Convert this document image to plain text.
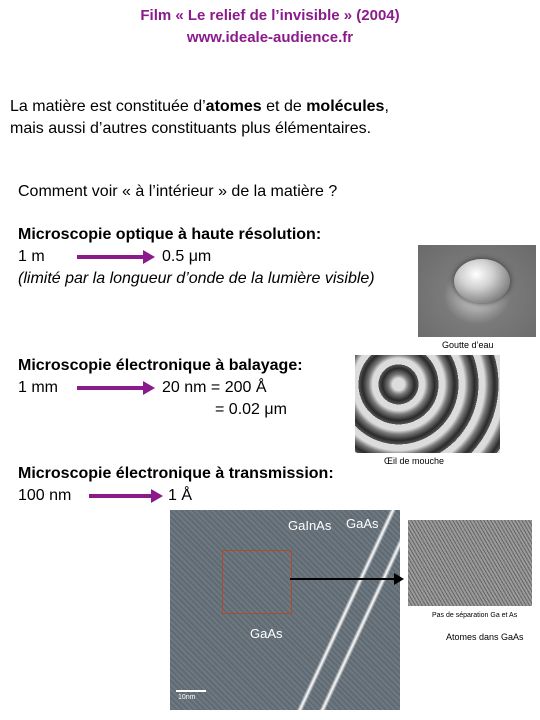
Film « Le relief de l’invisible » (2004)
www.ideale-audience.fr
La matière est constituée d’atomes et de molécules,
mais aussi d’autres constituants plus élémentaires.
Comment voir « à l’intérieur » de la matière ?
Microscopie optique à haute résolution:
1 m	0.5 μm
(limité par la longueur d’onde de la lumière visible)
Goutte d’eau
Microscopie électronique à balayage:
1 mm	20 nm = 200 Å
= 0.02 μm
Œil de mouche
Microscopie électronique à transmission:
100 nm	1 Å
GaInAs GaAs
GaAs
10nm
Pas de séparation Ga et As
Atomes dans GaAs
